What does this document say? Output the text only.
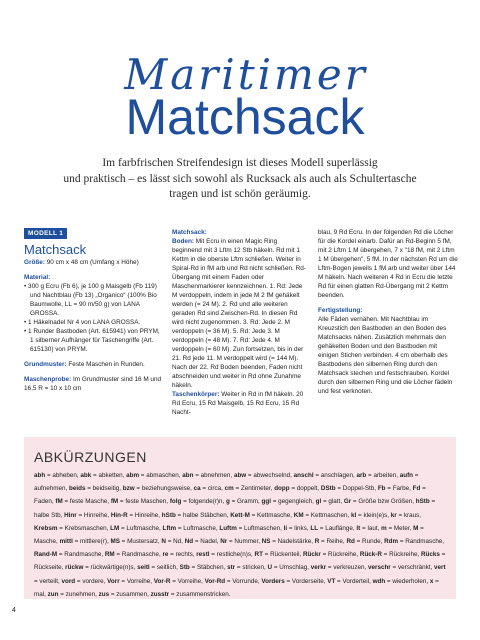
Maritimer
Matchsack
Im farbfrischen Streifendesign ist dieses Modell superlässig
und praktisch – es lässt sich sowohl als Rucksack als auch als Schultertasche
tragen und ist schön geräumig.
MODELL 1
Matchsack
Größe: 90 cm x 48 cm (Umfang x Höhe)
Material:
• 300 g Ecru (Fb 6), je 100 g Maisgelb (Fb 119) und Nachtblau (Fb 13) „Organico“ (100% Bio Baumwolle, LL = 90 m/50 g) von LANA GROSSA.
• 1 Häkelnadel Nr 4 von LANA GROSSA.
• 1 Runder Bastboden (Art. 615941) von PRYM, 1 silberner Aufhänger für Taschengriffe (Art. 615130) von PRYM.
Grundmuster: Feste Maschen in Runden.
Maschenprobe: Im Grundmuster sind 16 M und 16,5 R = 10 x 10 cm
Matchsack:
Boden: Mit Ecru in einen Magic Ring beginnend mit 3 Lftm 12 Stb häkeln. Rd mit 1 Kettm in die oberste Lftm schließen. Weiter in Spiral-Rd in fM arb und Rd nicht schließen. Rd-Übergang mit einem Faden oder Maschenmarkierer kennzeichnen. 1. Rd: Jede M verdoppeln, indem in jede M 2 fM gehäkelt werden (= 24 M). 2. Rd und alle weiteren geraden Rd sind Zwischen-Rd. In diesen Rd wird nicht zugenommen. 3. Rd: Jede 2. M verdoppeln (= 36 M). 5. Rd: Jede 3. M verdoppeln (= 48 M). 7. Rd: Jede 4. M verdoppeln (= 60 M). Zun fortsetzen, bis in der 21. Rd jede 11. M verdoppelt wird (= 144 M). Nach der 22. Rd Boden beenden, Faden nicht abschneiden und weiter in Rd ohne Zunahme häkeln.
Taschenkörper: Weiter in Rd in fM häkeln. 20 Rd Ecru, 15 Rd Maisgelb, 15 Rd Ecru, 15 Rd Nacht-
blau, 9 Rd Ecru. In der folgenden Rd die Löcher für die Kordel einarb. Dafür an Rd-Beginn 5 fM, mit 2 Lftm 1 M übergehen, 7 x "18 fM, mit 2 Lftm 1 M übergehen", 5 fM. In der nächsten Rd um die Lftm-Bogen jeweils 1 fM arb und weiter über 144 M häkeln. Nach weiteren 4 Rd in Ecru die letzte Rd für einen glatten Rd-Übergang mit 2 Kettm beenden.
Fertigstellung:
Alle Fäden vernähen. Mit Nachtblau im Kreuzstich den Bastboden an den Boden des Matchsacks nähen. Zusätzlich mehrmals den gehäkelten Boden und den Bastboden mit einigen Stichen verbinden. 4 cm oberhalb des Bastbodens den silbernen Ring durch den Matchsack stechen und festschrauben. Kordel durch den silbernen Ring und die Löcher fädeln und fest verknoten.
ABKÜRZUNGEN
abh = abheben, abk = abketten, abm = abmaschen, abn = abnehmen, abw = abwechselnd, anschl = anschlagen, arb = arbeiten, aufn = aufnehmen, beids = beidseitig, bzw = beziehungsweise, ca = circa, cm = Zentimeter, dopp = doppelt, DStb = Doppel-Stb, Fb = Farbe, Fd = Faden, fM = feste Masche, fM = feste Maschen, folg = folgende(r)n, g = Gramm, ggl = gegengleich, gl = glatt, Gr = Größe bzw Größen, hStb = halbe Stb, Hinr = Hinreihe, Hin-R = Hinreihe, hStb = halbe Stäbchen, Kett-M = Kettmasche, KM = Kettmaschen, kl = klein(e)s, kr = kraus, Krebsm = Krebsmaschen, LM = Luftmasche, Lftm = Luftmasche, Luftm = Luftmaschen, li = links, LL = Lauflänge, lt = laut, m = Meter, M = Masche, mittl = mittlere(r), MS = Mustersatz, N = Nd, Nd = Nadel, Nr = Nummer, NS = Nadelstärke, R = Reihe, Rd = Runde, Rdm = Randmasche, Rand-M = Randmasche, RM = Randmasche, re = rechts, restl = restliche(n)s, RT = Rückenteil, Rückr = Rückreihe, Rück-R = Rückreihe, Rücks = Rückseite, rückw = rückwärtige(n)s, seitl = seitlich, Stb = Stäbchen, str = stricken, U = Umschlag, verkr = verkreuzen, verschr = verschränkt, vert = verteilt, vord = vordere, Vorr = Vorreihe, Vor-R = Vorreihe, Vor-Rd = Vorrunde, Vorders = Vorderseite, VT = Vorderteil, wdh = wiederholen, x = mal, zun = zunehmen, zus = zusammen, zusstr = zusammenstricken.
4
